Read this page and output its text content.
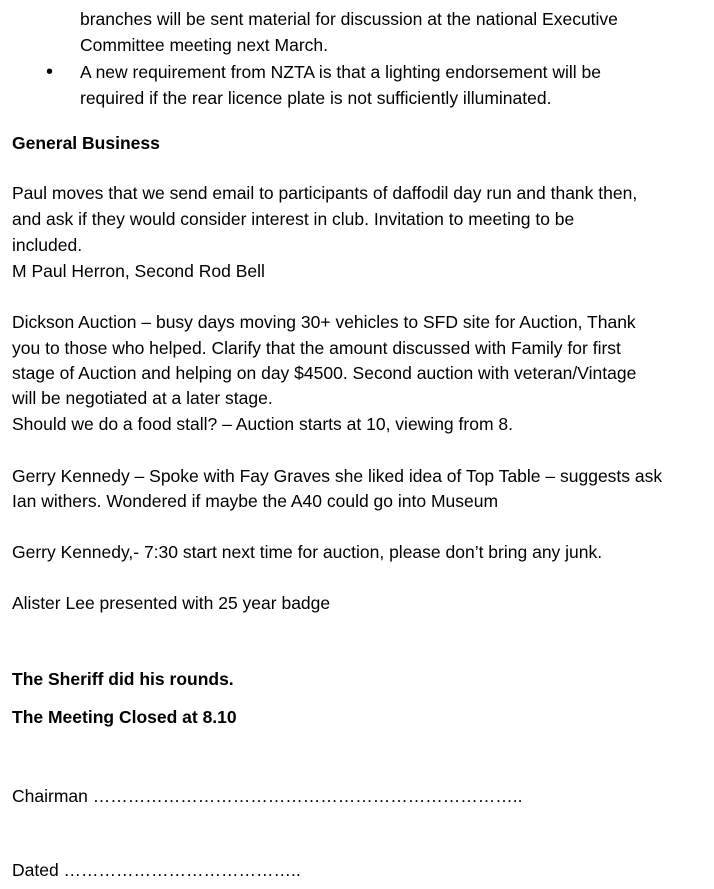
branches will be sent material for discussion at the national Executive
Committee meeting next March.
• A new requirement from NZTA is that a lighting endorsement will be
required if the rear licence plate is not sufficiently illuminated.
General Business
Paul moves that we send email to participants of daffodil day run and thank then,
and ask if they would consider interest in club. Invitation to meeting to be
included.
M Paul Herron, Second Rod Bell
Dickson Auction – busy days moving 30+ vehicles to SFD site for Auction, Thank
you to those who helped. Clarify that the amount discussed with Family for first
stage of Auction and helping on day $4500. Second auction with veteran/Vintage
will be negotiated at a later stage.
Should we do a food stall? – Auction starts at 10, viewing from 8.
Gerry Kennedy – Spoke with Fay Graves she liked idea of Top Table – suggests ask
Ian withers. Wondered if maybe the A40 could go into Museum
Gerry Kennedy,- 7:30 start next time for auction, please don’t bring any junk.
Alister Lee presented with 25 year badge
The Sheriff did his rounds.
The Meeting Closed at 8.10
Chairman ………………………………………………………………..
Dated …………………………………..
